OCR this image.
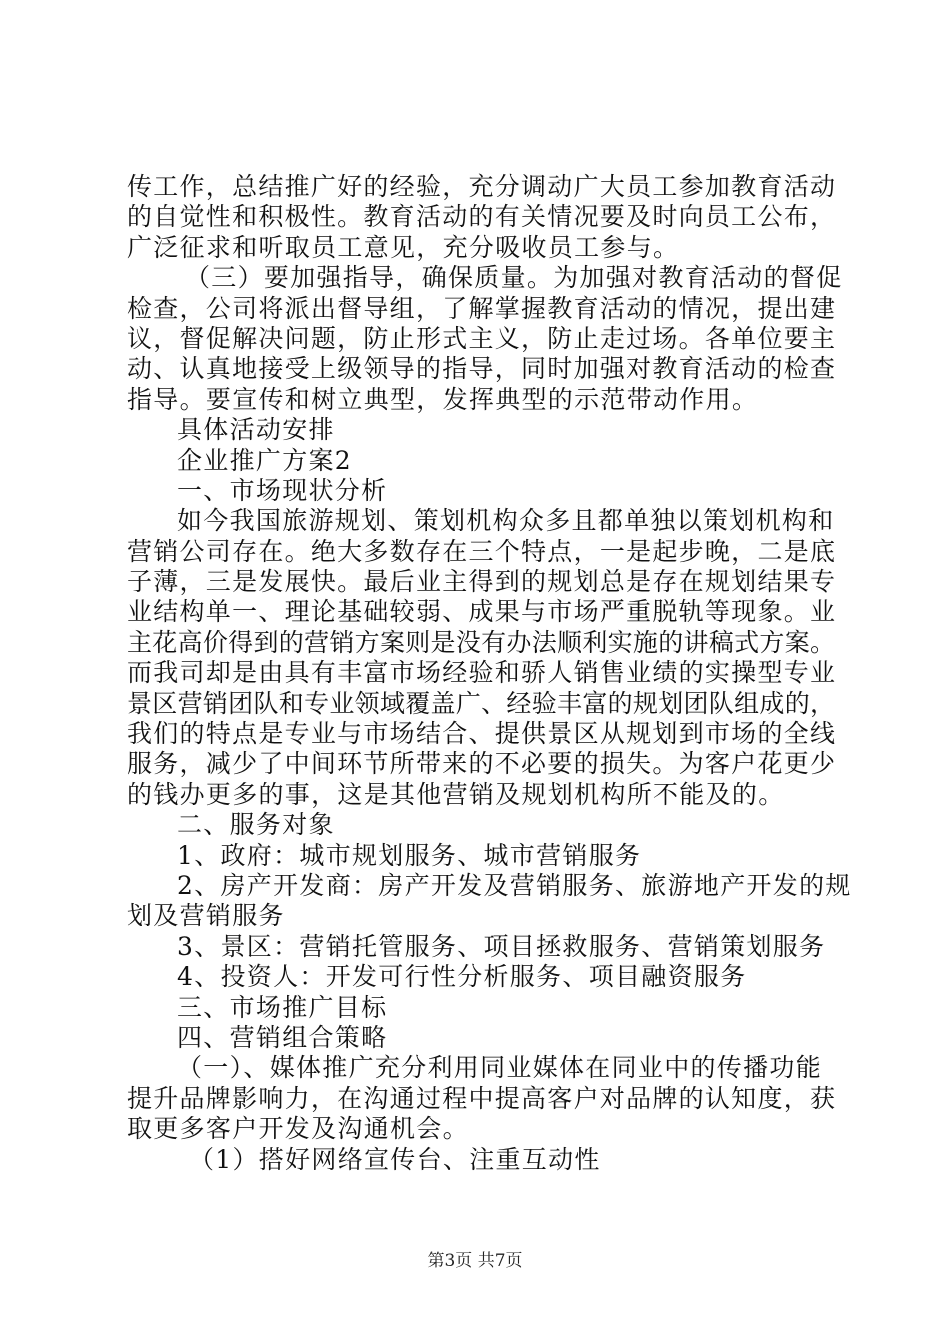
传工作，总结推广好的经验，充分调动广大员工参加教育活动
的自觉性和积极性。教育活动的有关情况要及时向员工公布，
广泛征求和听取员工意见，充分吸收员工参与。
（三）要加强指导，确保质量。为加强对教育活动的督促
检查，公司将派出督导组，了解掌握教育活动的情况，提出建
议，督促解决问题，防止形式主义，防止走过场。各单位要主
动、认真地接受上级领导的指导，同时加强对教育活动的检查
指导。要宣传和树立典型，发挥典型的示范带动作用。
具体活动安排
企业推广方案2
一、市场现状分析
如今我国旅游规划、策划机构众多且都单独以策划机构和
营销公司存在。绝大多数存在三个特点，一是起步晚，二是底
子薄，三是发展快。最后业主得到的规划总是存在规划结果专
业结构单一、理论基础较弱、成果与市场严重脱轨等现象。业
主花高价得到的营销方案则是没有办法顺利实施的讲稿式方案。
而我司却是由具有丰富市场经验和骄人销售业绩的实操型专业
景区营销团队和专业领域覆盖广、经验丰富的规划团队组成的，
我们的特点是专业与市场结合、提供景区从规划到市场的全线
服务，减少了中间环节所带来的不必要的损失。为客户花更少
的钱办更多的事，这是其他营销及规划机构所不能及的。
二、服务对象
1、政府：城市规划服务、城市营销服务
2、房产开发商：房产开发及营销服务、旅游地产开发的规
划及营销服务
3、景区：营销托管服务、项目拯救服务、营销策划服务
4、投资人：开发可行性分析服务、项目融资服务
三、市场推广目标
四、营销组合策略
（一）、媒体推广充分利用同业媒体在同业中的传播功能
提升品牌影响力，在沟通过程中提高客户对品牌的认知度，获
取更多客户开发及沟通机会。
（1）搭好网络宣传台、注重互动性
第3页 共7页
